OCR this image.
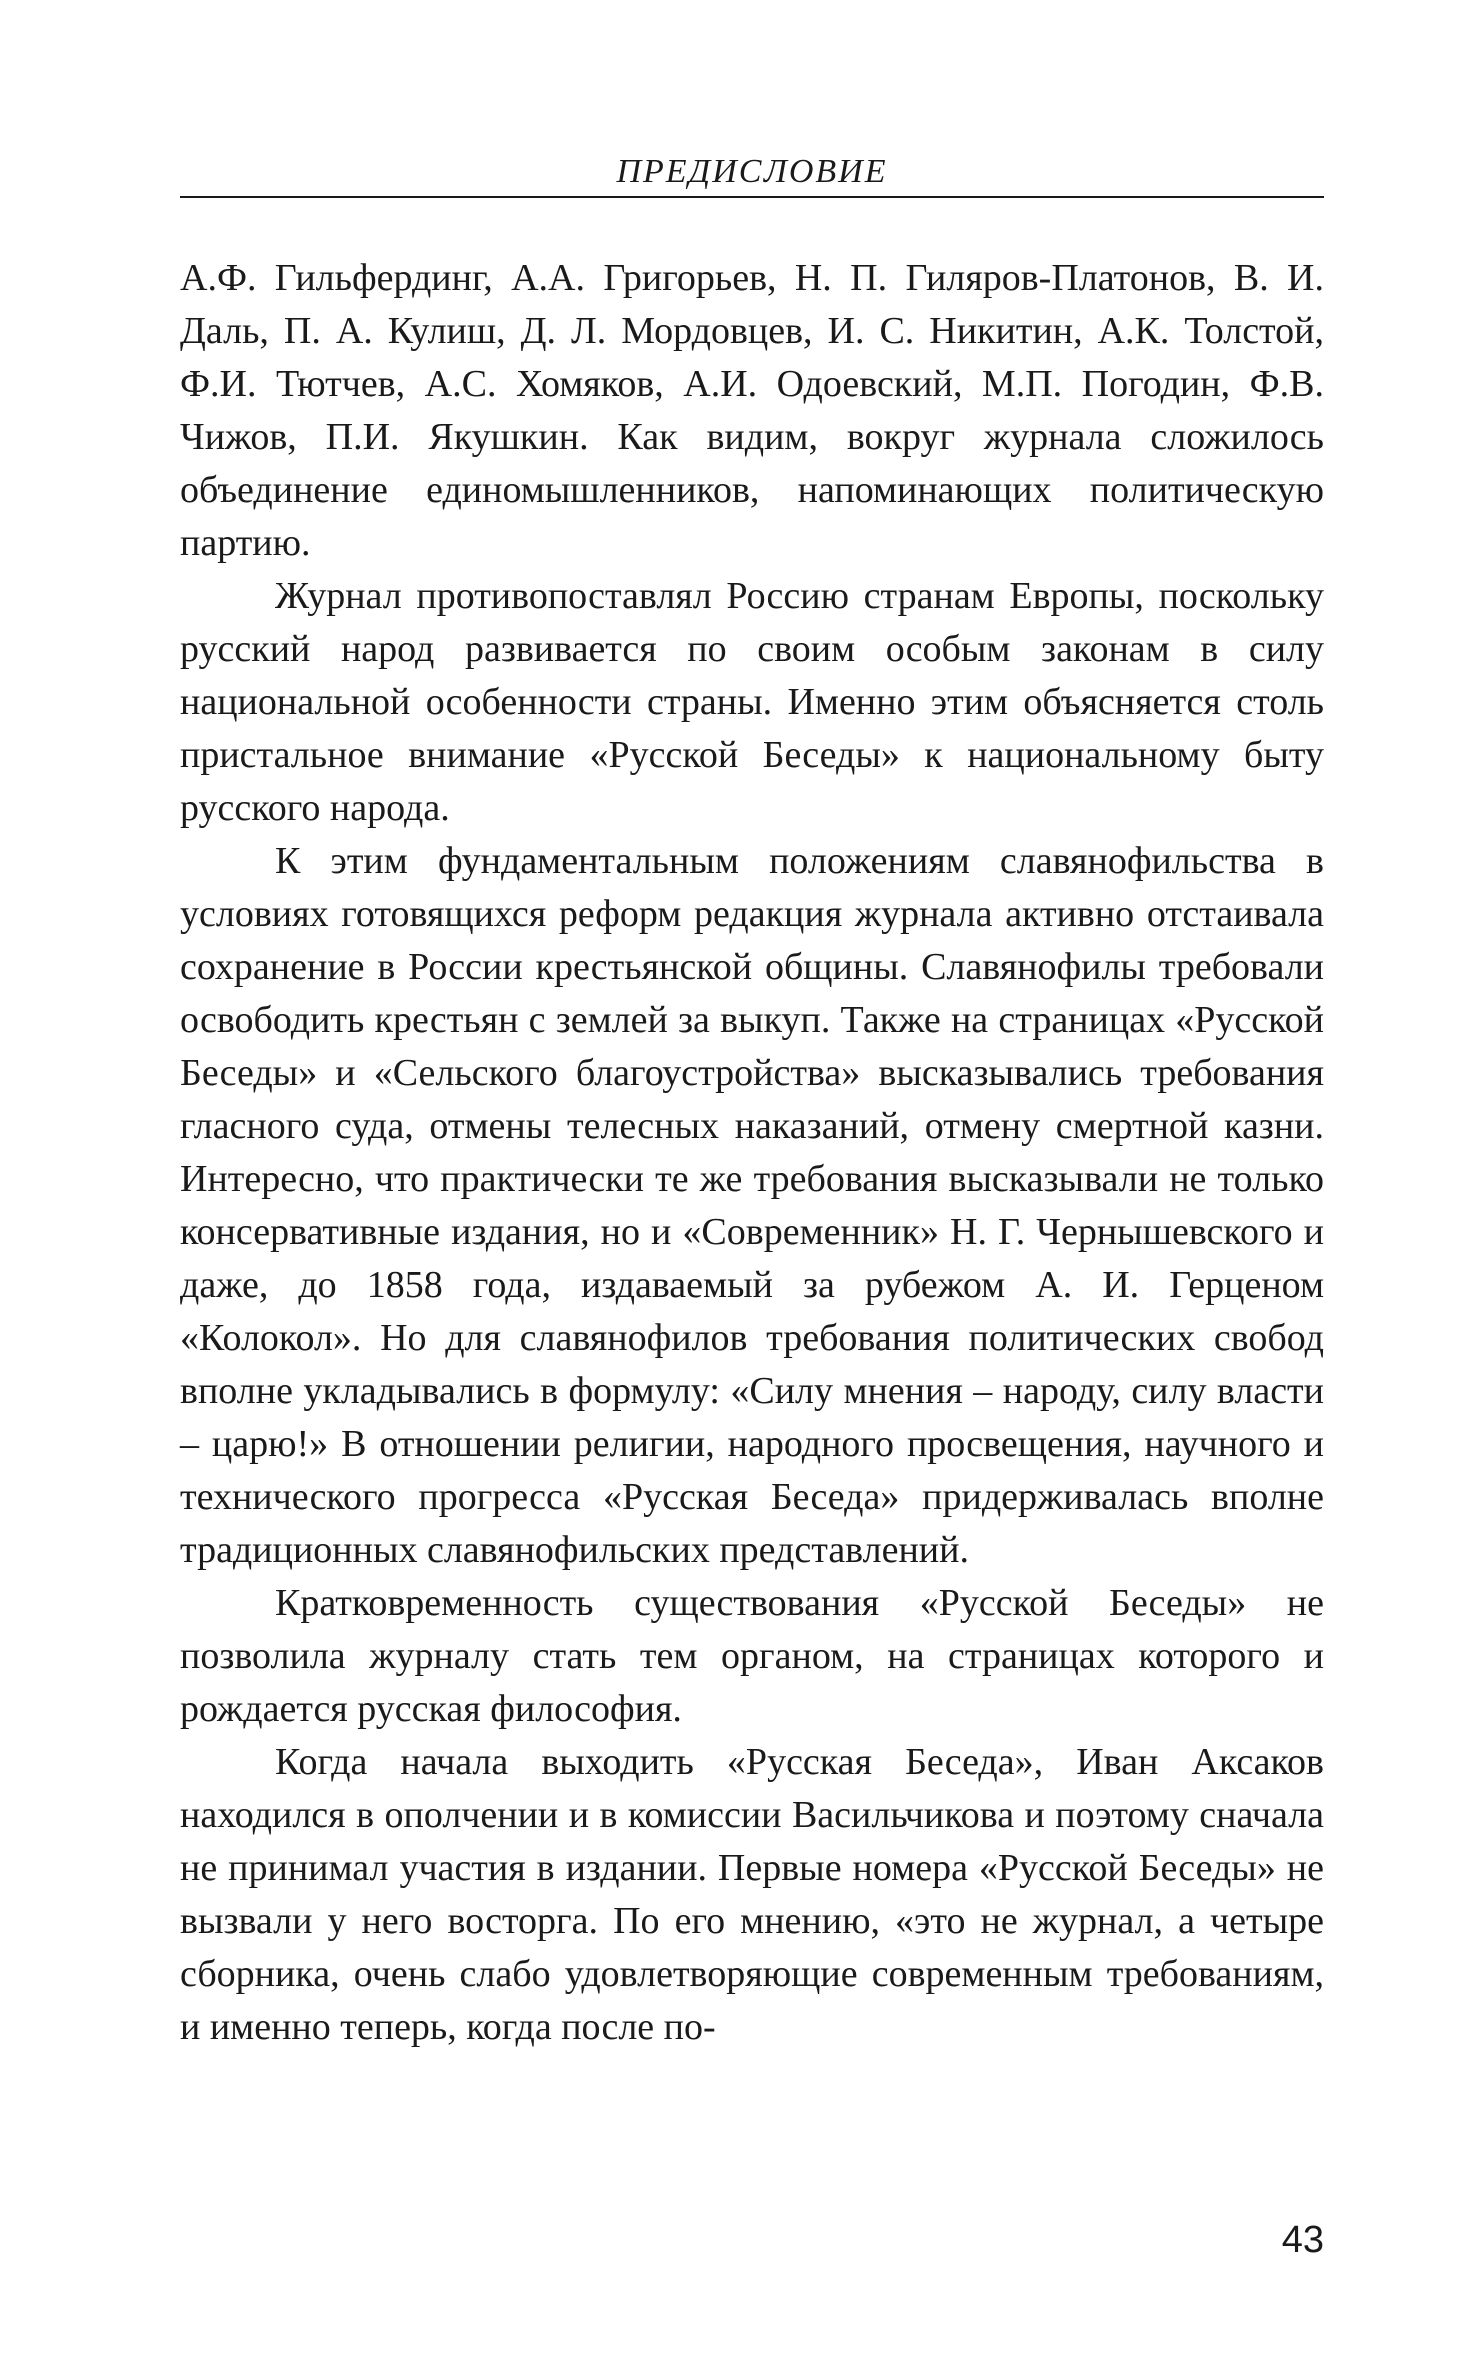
ПРЕДИСЛОВИЕ

А.Ф. Гильфердинг, А.А. Григорьев, Н. П. Гиляров-Платонов, В. И. Даль, П. А. Кулиш, Д. Л. Мордовцев, И. С. Никитин, А.К. Толстой, Ф.И. Тютчев, А.С. Хомяков, А.И. Одоевский, М.П. Погодин, Ф.В. Чижов, П.И. Якушкин. Как видим, вокруг журнала сложилось объединение единомышленников, напоминающих политическую партию.

Журнал противопоставлял Россию странам Европы, поскольку русский народ развивается по своим особым законам в силу национальной особенности страны. Именно этим объясняется столь пристальное внимание «Русской Беседы» к национальному быту русского народа.

К этим фундаментальным положениям славянофильства в условиях готовящихся реформ редакция журнала активно отстаивала сохранение в России крестьянской общины. Славянофилы требовали освободить крестьян с землей за выкуп. Также на страницах «Русской Беседы» и «Сельского благоустройства» высказывались требования гласного суда, отмены телесных наказаний, отмену смертной казни. Интересно, что практически те же требования высказывали не только консервативные издания, но и «Современник» Н. Г. Чернышевского и даже, до 1858 года, издаваемый за рубежом А. И. Герценом «Колокол». Но для славянофилов требования политических свобод вполне укладывались в формулу: «Силу мнения – народу, силу власти – царю!» В отношении религии, народного просвещения, научного и технического прогресса «Русская Беседа» придерживалась вполне традиционных славянофильских представлений.

Кратковременность существования «Русской Беседы» не позволила журналу стать тем органом, на страницах которого и рождается русская философия.

Когда начала выходить «Русская Беседа», Иван Аксаков находился в ополчении и в комиссии Васильчикова и поэтому сначала не принимал участия в издании. Первые номера «Русской Беседы» не вызвали у него восторга. По его мнению, «это не журнал, а четыре сборника, очень слабо удовлетворяющие современным требованиям, и именно теперь, когда после по-

43
